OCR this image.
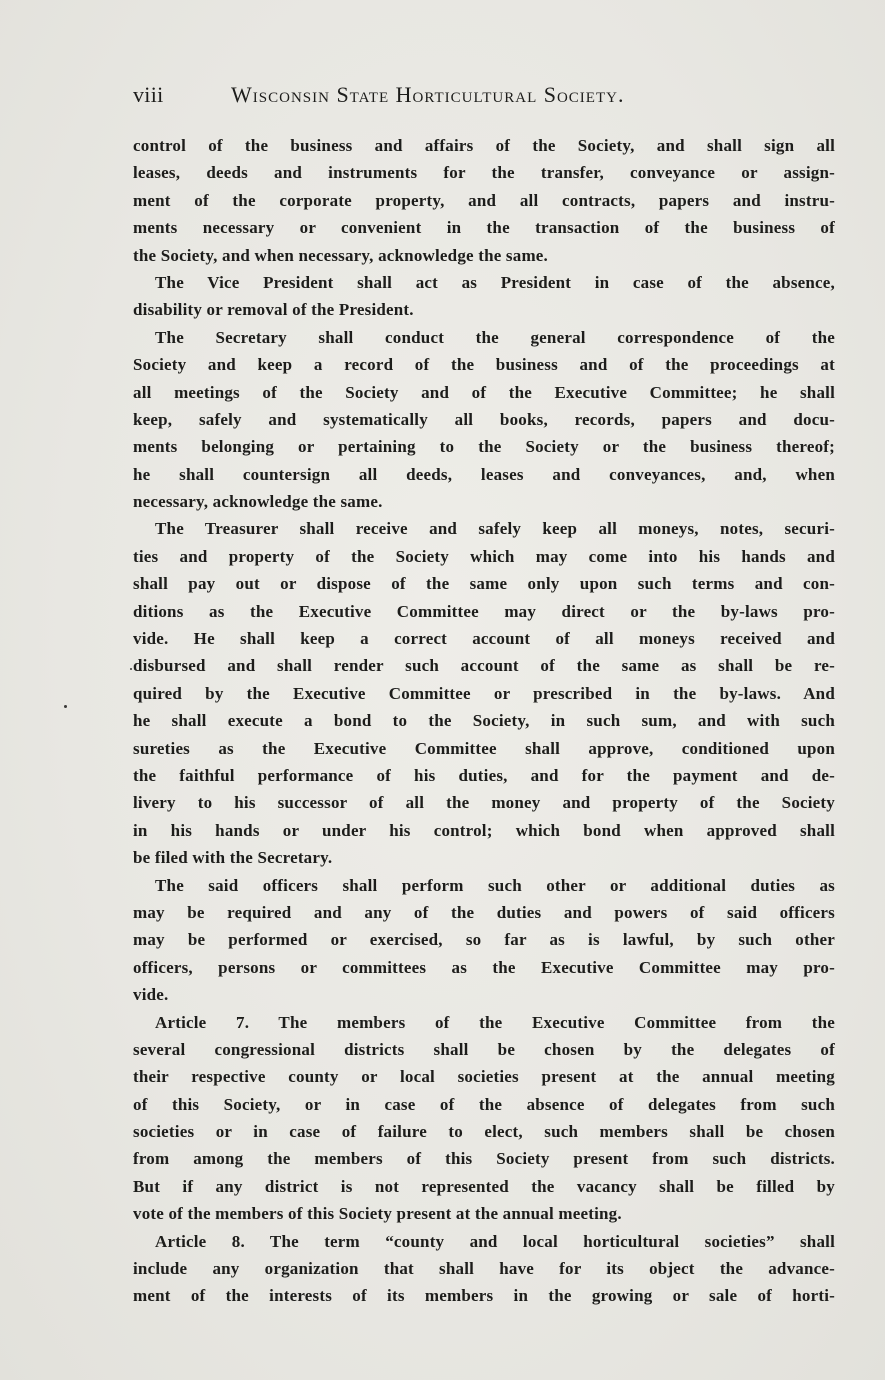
viii	Wisconsin State Horticultural Society.
control of the business and affairs of the Society, and shall sign all
leases, deeds and instruments for the transfer, conveyance or assign-
ment of the corporate property, and all contracts, papers and instru-
ments necessary or convenient in the transaction of the business of
the Society, and when necessary, acknowledge the same.
The Vice President shall act as President in case of the absence,
disability or removal of the President.
The Secretary shall conduct the general correspondence of the
Society and keep a record of the business and of the proceedings at
all meetings of the Society and of the Executive Committee; he shall
keep, safely and systematically all books, records, papers and docu-
ments belonging or pertaining to the Society or the business thereof;
he shall countersign all deeds, leases and conveyances, and, when
necessary, acknowledge the same.
The Treasurer shall receive and safely keep all moneys, notes, securi-
ties and property of the Society which may come into his hands and
shall pay out or dispose of the same only upon such terms and con-
ditions as the Executive Committee may direct or the by-laws pro-
vide. He shall keep a correct account of all moneys received and
disbursed and shall render such account of the same as shall be re-
quired by the Executive Committee or prescribed in the by-laws. And
he shall execute a bond to the Society, in such sum, and with such
sureties as the Executive Committee shall approve, conditioned upon
the faithful performance of his duties, and for the payment and de-
livery to his successor of all the money and property of the Society
in his hands or under his control; which bond when approved shall
be filed with the Secretary.
The said officers shall perform such other or additional duties as
may be required and any of the duties and powers of said officers
may be performed or exercised, so far as is lawful, by such other
officers, persons or committees as the Executive Committee may pro-
vide.
Article 7. The members of the Executive Committee from the
several congressional districts shall be chosen by the delegates of
their respective county or local societies present at the annual meeting
of this Society, or in case of the absence of delegates from such
societies or in case of failure to elect, such members shall be chosen
from among the members of this Society present from such districts.
But if any district is not represented the vacancy shall be filled by
vote of the members of this Society present at the annual meeting.
Article 8. The term “county and local horticultural societies” shall
include any organization that shall have for its object the advance-
ment of the interests of its members in the growing or sale of horti-
